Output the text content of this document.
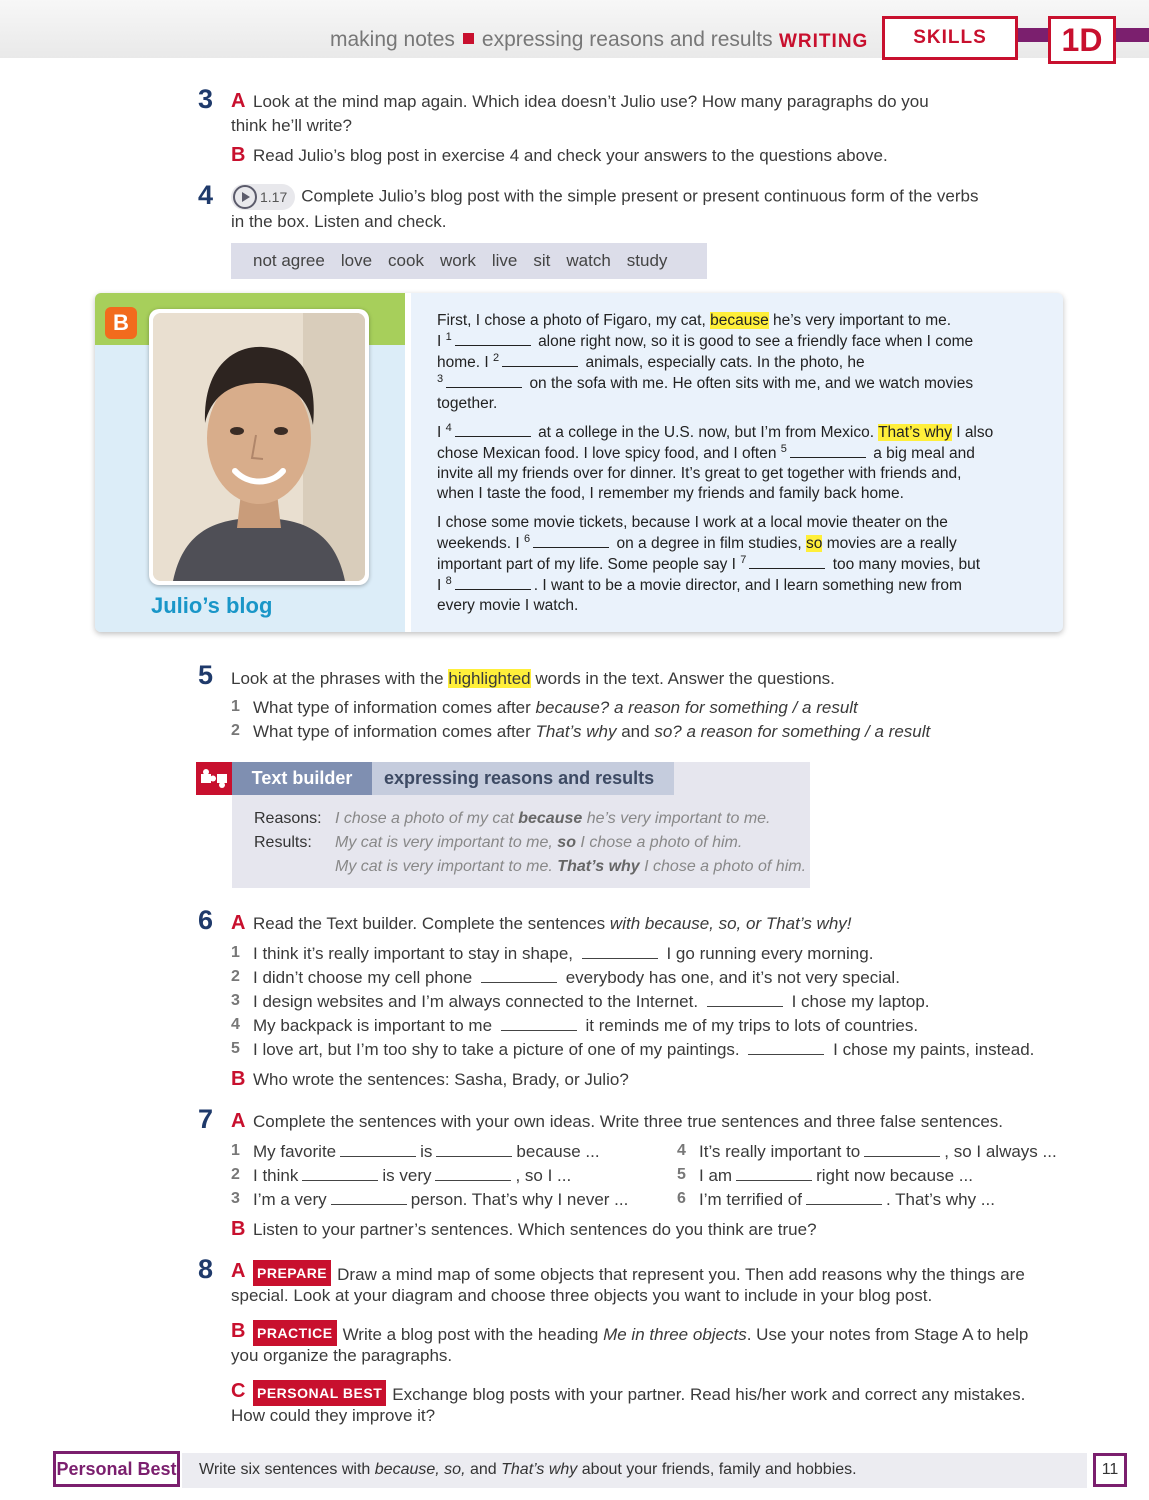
making notes expressing reasons and results WRITING	SKILLS	1D
3 A Look at the mind map again. Which idea doesn’t Julio use? How many paragraphs do you
think he’ll write?
B Read Julio’s blog post in exercise 4 and check your answers to the questions above.
4	1.17 Complete Julio’s blog post with the simple present or present continuous form of the verbs
in the box. Listen and check.
not agree love cook work live sit watch study
B
Julio’s blog
First, I chose a photo of Figaro, my cat, because he’s very important to me.
I $^1$	alone right now, so it is good to see a friendly face when I come
home. I $^2$	animals, especially cats. In the photo, he
$^3$	on the sofa with me. He often sits with me, and we watch movies
together.
I $^4$	at a college in the U.S. now, but I’m from Mexico. That’s why I also
chose Mexican food. I love spicy food, and I often $^5$	a big meal and
invite all my friends over for dinner. It’s great to get together with friends and,
when I taste the food, I remember my friends and family back home.
I chose some movie tickets, because I work at a local movie theater on the
weekends. I $^6$	on a degree in film studies, so movies are a really
important part of my life. Some people say I $^7$	too many movies, but
I $^8$	. I want to be a movie director, and I learn something new from
every movie I watch.
5 Look at the phrases with the highlighted words in the text. Answer the questions.
1 What type of information comes after because? a reason for something / a result
2 What type of information comes after That’s why and so? a reason for something / a result
Text builder	expressing reasons and results
Reasons: I chose a photo of my cat because he’s very important to me.
Results: My cat is very important to me, so I chose a photo of him.
My cat is very important to me. That’s why I chose a photo of him.
6 A Read the Text builder. Complete the sentences with because, so, or That’s why!
1 I think it’s really important to stay in shape,	I go running every morning.
2 I didn’t choose my cell phone	everybody has one, and it’s not very special.
3 I design websites and I’m always connected to the Internet.	I chose my laptop.
4 My backpack is important to me	it reminds me of my trips to lots of countries.
5 I love art, but I’m too shy to take a picture of one of my paintings.	I chose my paints, instead.
B Who wrote the sentences: Sasha, Brady, or Julio?
7 A Complete the sentences with your own ideas. Write three true sentences and three false sentences.
1 My favorite	is	because ...
2 I think	is very	, so I ...
3 I’m a very	person. That’s why I never ...
4 It’s really important to	, so I always ...
5 I am	right now because ...
6 I’m terrified of	. That’s why ...
B Listen to your partner’s sentences. Which sentences do you think are true?
8 A PREPARE Draw a mind map of some objects that represent you. Then add reasons why the things are
special. Look at your diagram and choose three objects you want to include in your blog post.
B PRACTICE Write a blog post with the heading Me in three objects. Use your notes from Stage A to help
you organize the paragraphs.
C PERSONAL BEST Exchange blog posts with your partner. Read his/her work and correct any mistakes.
How could they improve it?
Personal Best Write six sentences with because, so, and That’s why about your friends, family and hobbies.	11
